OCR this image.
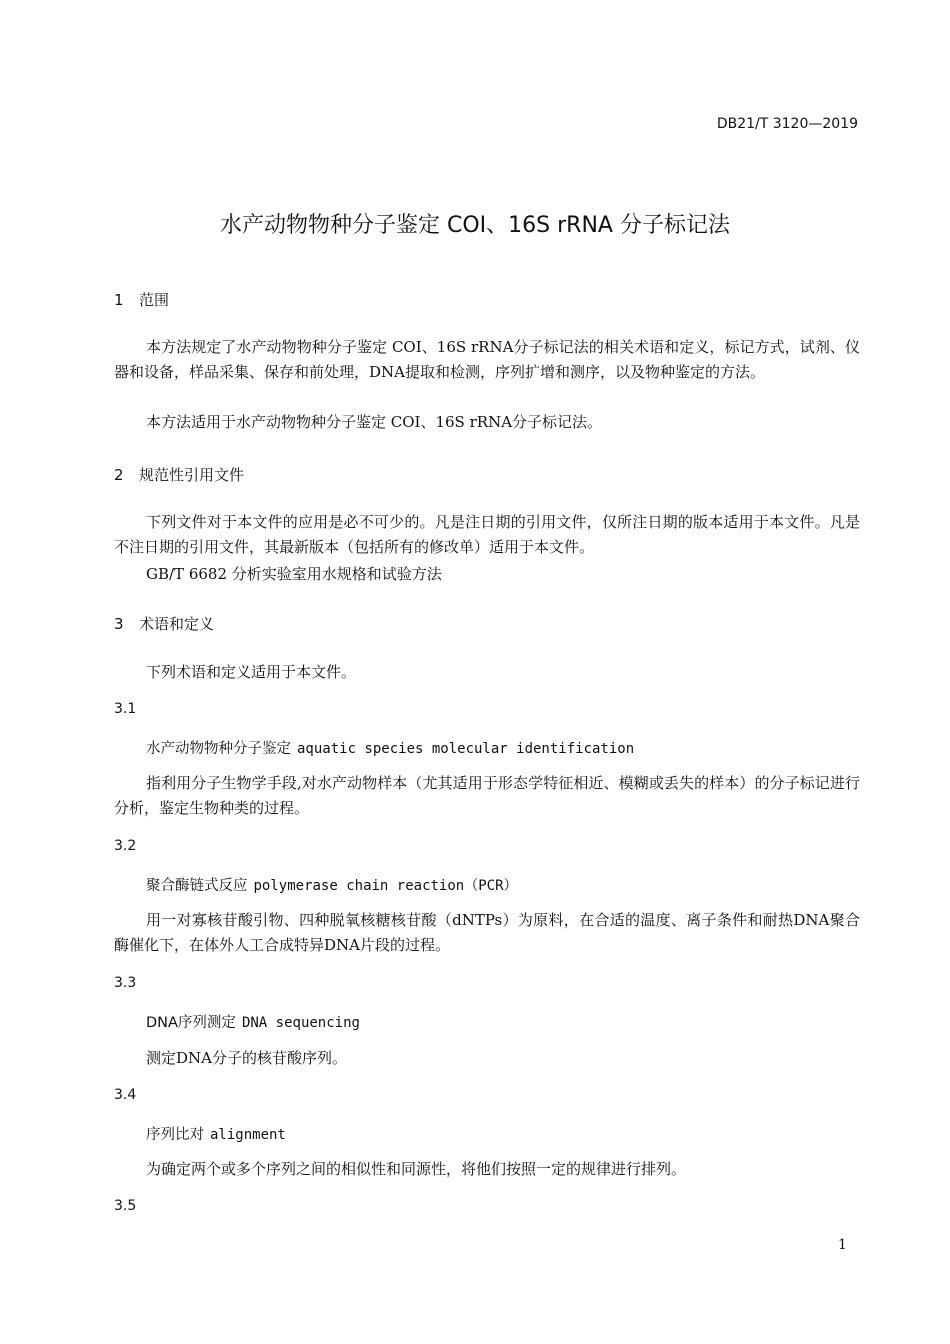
DB21/T 3120—2019
水产动物物种分子鉴定 COI、16S rRNA 分子标记法
1 范围

本方法规定了水产动物物种分子鉴定 COI、16S rRNA分子标记法的相关术语和定义，标记方式，试剂、仪器和设备，样品采集、保存和前处理，DNA提取和检测，序列扩增和测序，以及物种鉴定的方法。

本方法适用于水产动物物种分子鉴定 COI、16S rRNA分子标记法。

2 规范性引用文件

下列文件对于本文件的应用是必不可少的。凡是注日期的引用文件，仅所注日期的版本适用于本文件。凡是不注日期的引用文件，其最新版本（包括所有的修改单）适用于本文件。

GB/T 6682 分析实验室用水规格和试验方法
3 术语和定义
下列术语和定义适用于本文件。
3.1
水产动物物种分子鉴定 aquatic species molecular identification

指利用分子生物学手段,对水产动物样本（尤其适用于形态学特征相近、模糊或丢失的样本）的分子标记进行分析，鉴定生物种类的过程。

3.2
聚合酶链式反应 polymerase chain reaction（PCR）

用一对寡核苷酸引物、四种脱氧核糖核苷酸（dNTPs）为原料，在合适的温度、离子条件和耐热DNA聚合酶催化下，在体外人工合成特异DNA片段的过程。

3.3
DNA序列测定 DNA sequencing
测定DNA分子的核苷酸序列。
3.4
序列比对 alignment
为确定两个或多个序列之间的相似性和同源性，将他们按照一定的规律进行排列。
3.5
1
